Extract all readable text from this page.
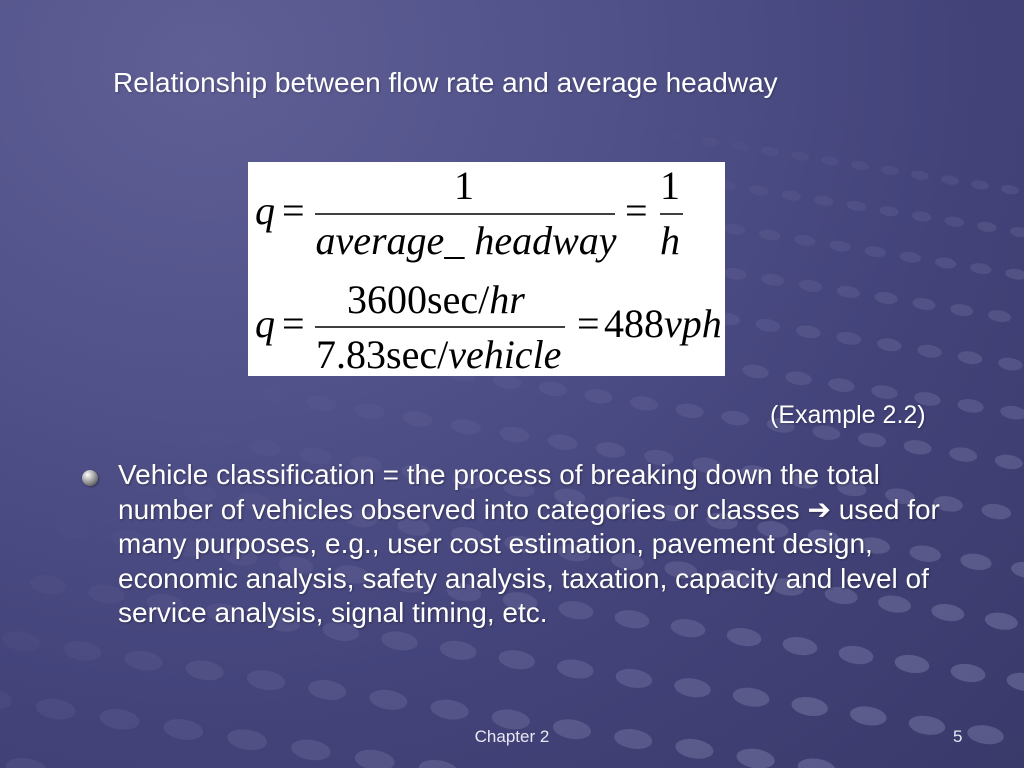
Relationship between flow rate and average headway
q =
1
average_ headway
=
1
h
q =
3600sec/hr
7.83sec/vehicle
= 488vph
(Example 2.2)
Vehicle classification = the process of breaking down the total
number of vehicles observed into categories or classes ➔ used for
many purposes, e.g., user cost estimation, pavement design,
economic analysis, safety analysis, taxation, capacity and level of
service analysis, signal timing, etc.
Chapter 2	5
